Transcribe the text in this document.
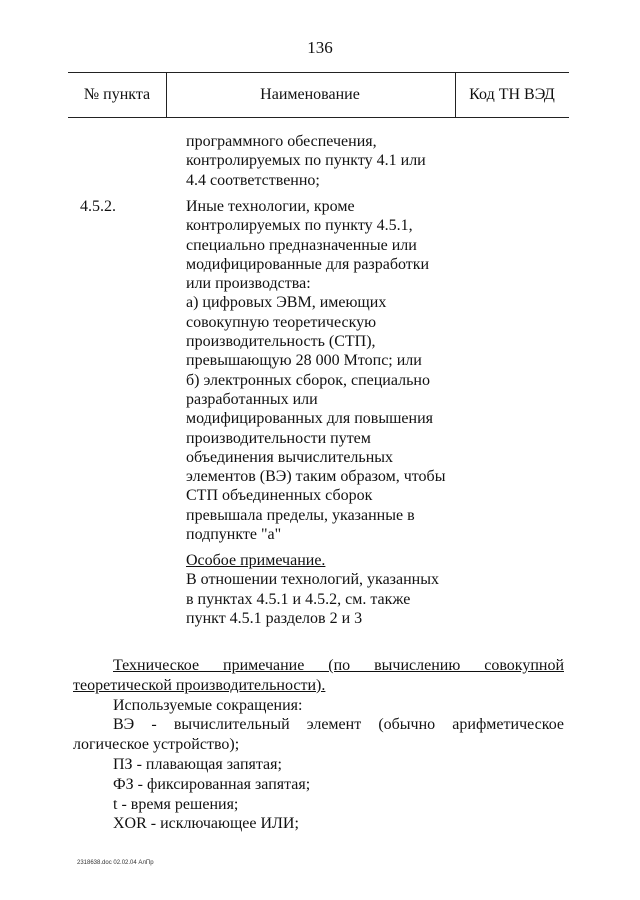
136
№ пункта	Наименование	Код ТН ВЭД
программного обеспечения,
контролируемых по пункту 4.1 или
4.4 соответственно;
4.5.2.	Иные технологии, кроме
контролируемых по пункту 4.5.1,
специально предназначенные или
модифицированные для разработки
или производства:
а) цифровых ЭВМ, имеющих
совокупную теоретическую
производительность (СТП),
превышающую 28 000 Мтопс; или
б) электронных сборок, специально
разработанных или
модифицированных для повышения
производительности путем
объединения вычислительных
элементов (ВЭ) таким образом, чтобы
СТП объединенных сборок
превышала пределы, указанные в
подпункте "а"
Особое примечание.
В отношении технологий, указанных
в пунктах 4.5.1 и 4.5.2, см. также
пункт 4.5.1 разделов 2 и 3
Техническое примечание (по вычислению совокупной
теоретической производительности).
Используемые сокращения:
ВЭ - вычислительный элемент (обычно арифметическое
логическое устройство);
ПЗ - плавающая запятая;
ФЗ - фиксированная запятая;
t - время решения;
XOR - исключающее ИЛИ;
2318638.doc 02.02.04 АлПр
